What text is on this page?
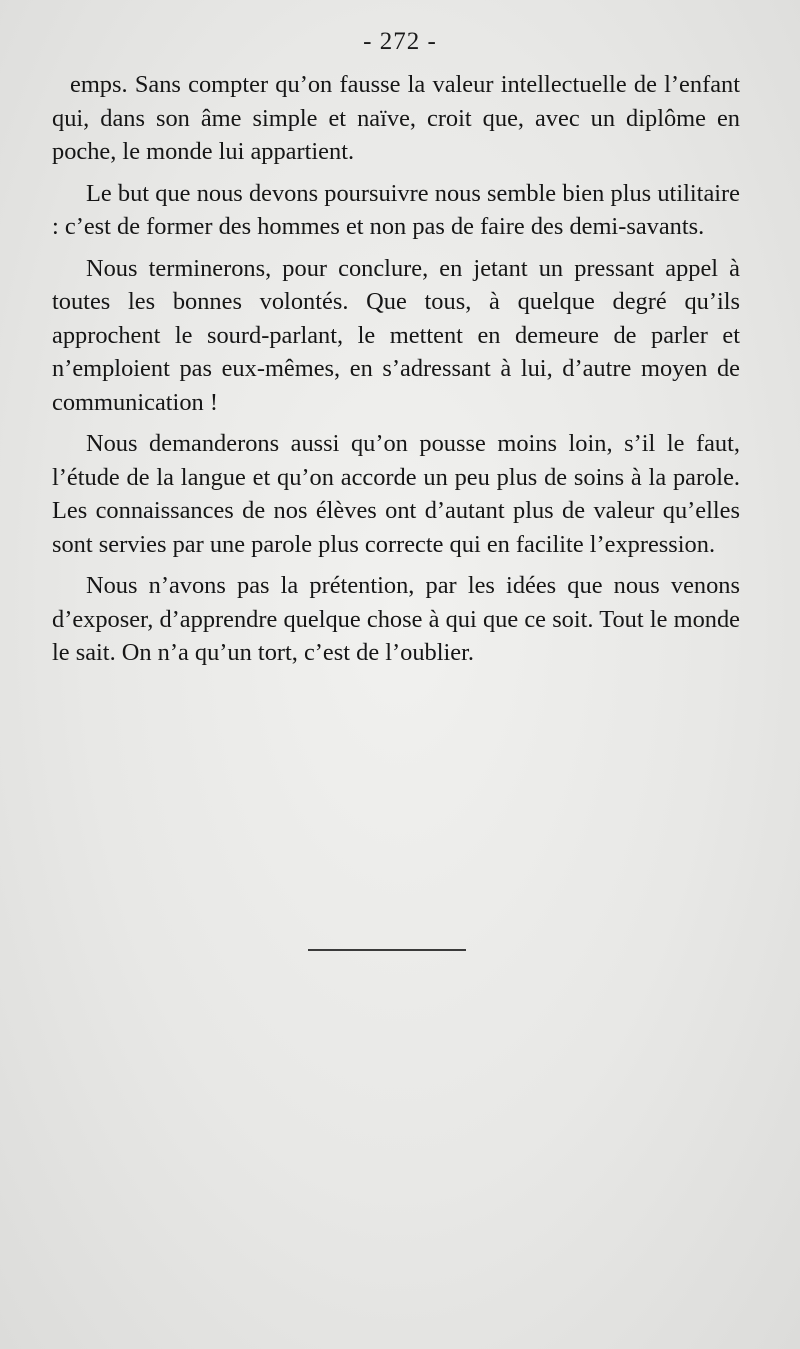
- 272 -

emps. Sans compter qu’on fausse la valeur intellectuelle de l’enfant qui, dans son âme simple et naïve, croit que, avec un diplôme en poche, le monde lui appartient.

Le but que nous devons poursuivre nous semble bien plus utilitaire : c’est de former des hommes et non pas de faire des demi-savants.

Nous terminerons, pour conclure, en jetant un pressant appel à toutes les bonnes volontés. Que tous, à quelque degré qu’ils approchent le sourd-parlant, le mettent en demeure de parler et n’emploient pas eux-mêmes, en s’adressant à lui, d’autre moyen de communication !

Nous demanderons aussi qu’on pousse moins loin, s’il le faut, l’étude de la langue et qu’on accorde un peu plus de soins à la parole. Les connaissances de nos élèves ont d’autant plus de valeur qu’elles sont servies par une parole plus correcte qui en facilite l’expression.

Nous n’avons pas la prétention, par les idées que nous venons d’exposer, d’apprendre quelque chose à qui que ce soit. Tout le monde le sait. On n’a qu’un tort, c’est de l’oublier.
